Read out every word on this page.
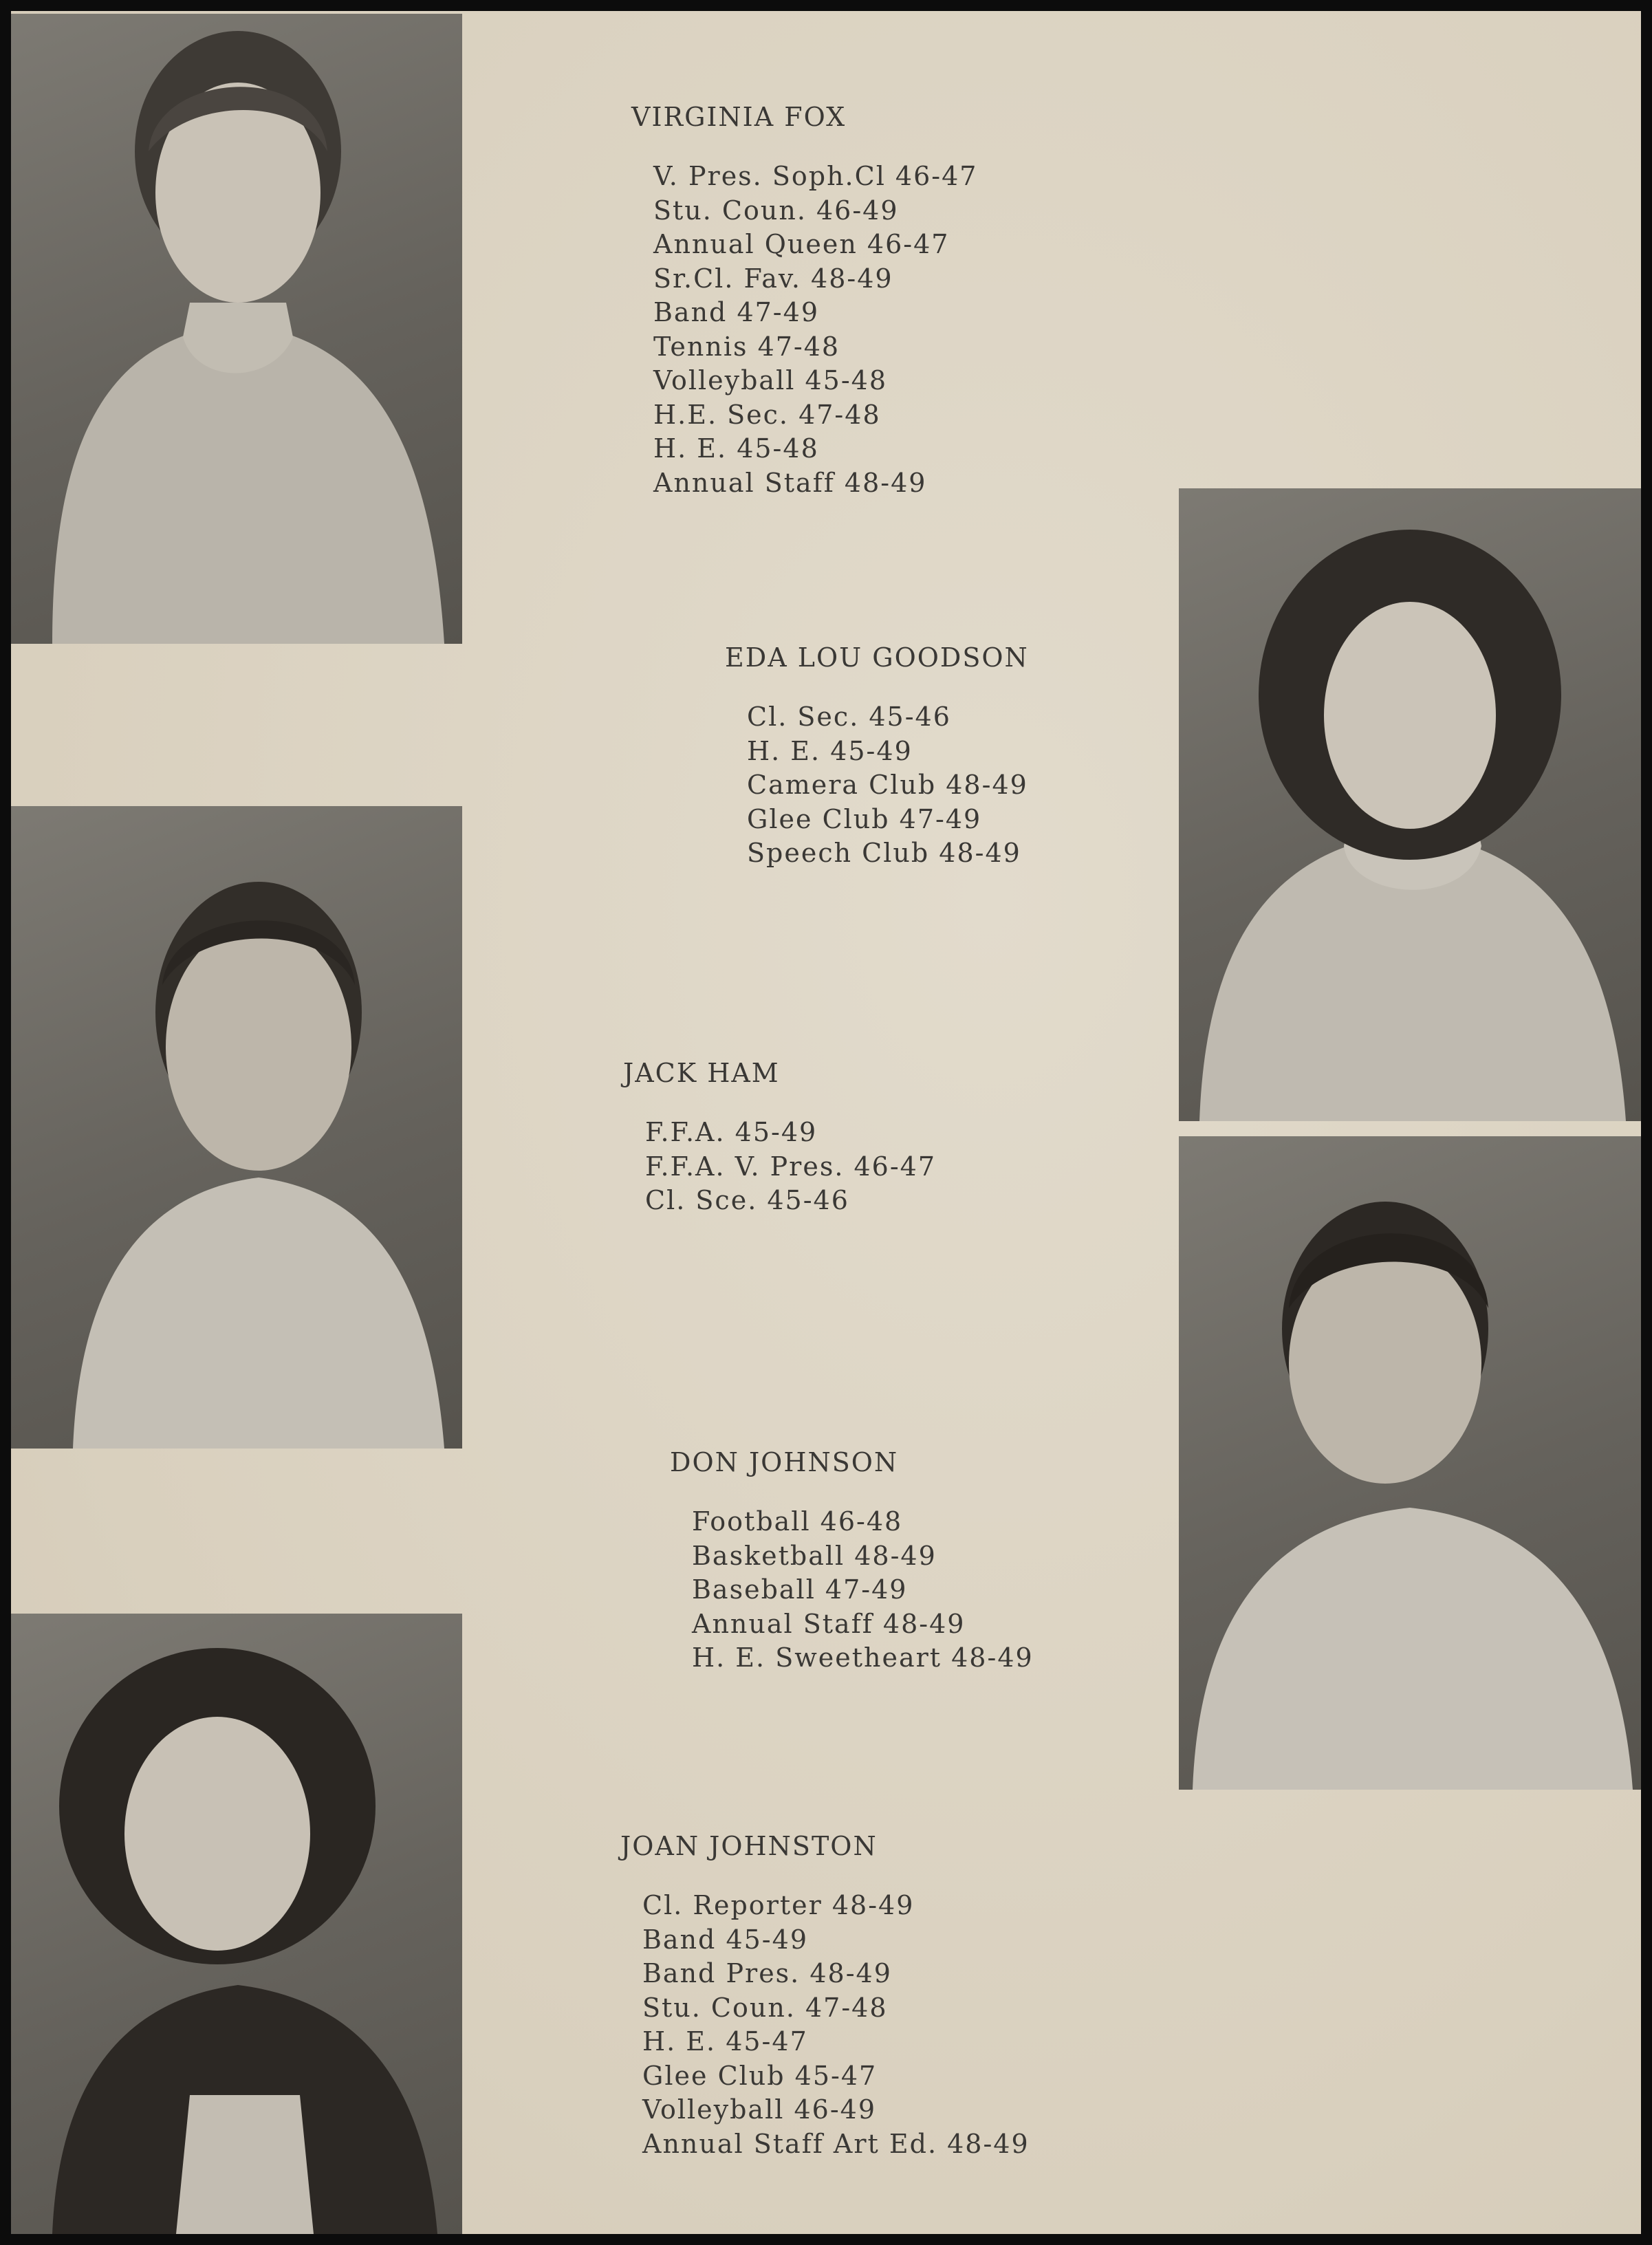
VIRGINIA FOX
V. Pres. Soph.Cl 46-47
Stu. Coun. 46-49
Annual Queen 46-47
Sr.Cl. Fav. 48-49
Band 47-49
Tennis 47-48
Volleyball 45-48
H.E. Sec. 47-48
H. E. 45-48
Annual Staff 48-49
EDA LOU GOODSON
Cl. Sec. 45-46
H. E. 45-49
Camera Club 48-49
Glee Club 47-49
Speech Club 48-49
JACK HAM
F.F.A. 45-49
F.F.A. V. Pres. 46-47
Cl. Sce. 45-46
DON JOHNSON
Football 46-48
Basketball 48-49
Baseball 47-49
Annual Staff 48-49
H. E. Sweetheart 48-49
JOAN JOHNSTON
Cl. Reporter 48-49
Band 45-49
Band Pres. 48-49
Stu. Coun. 47-48
H. E. 45-47
Glee Club 45-47
Volleyball 46-49
Annual Staff Art Ed. 48-49
